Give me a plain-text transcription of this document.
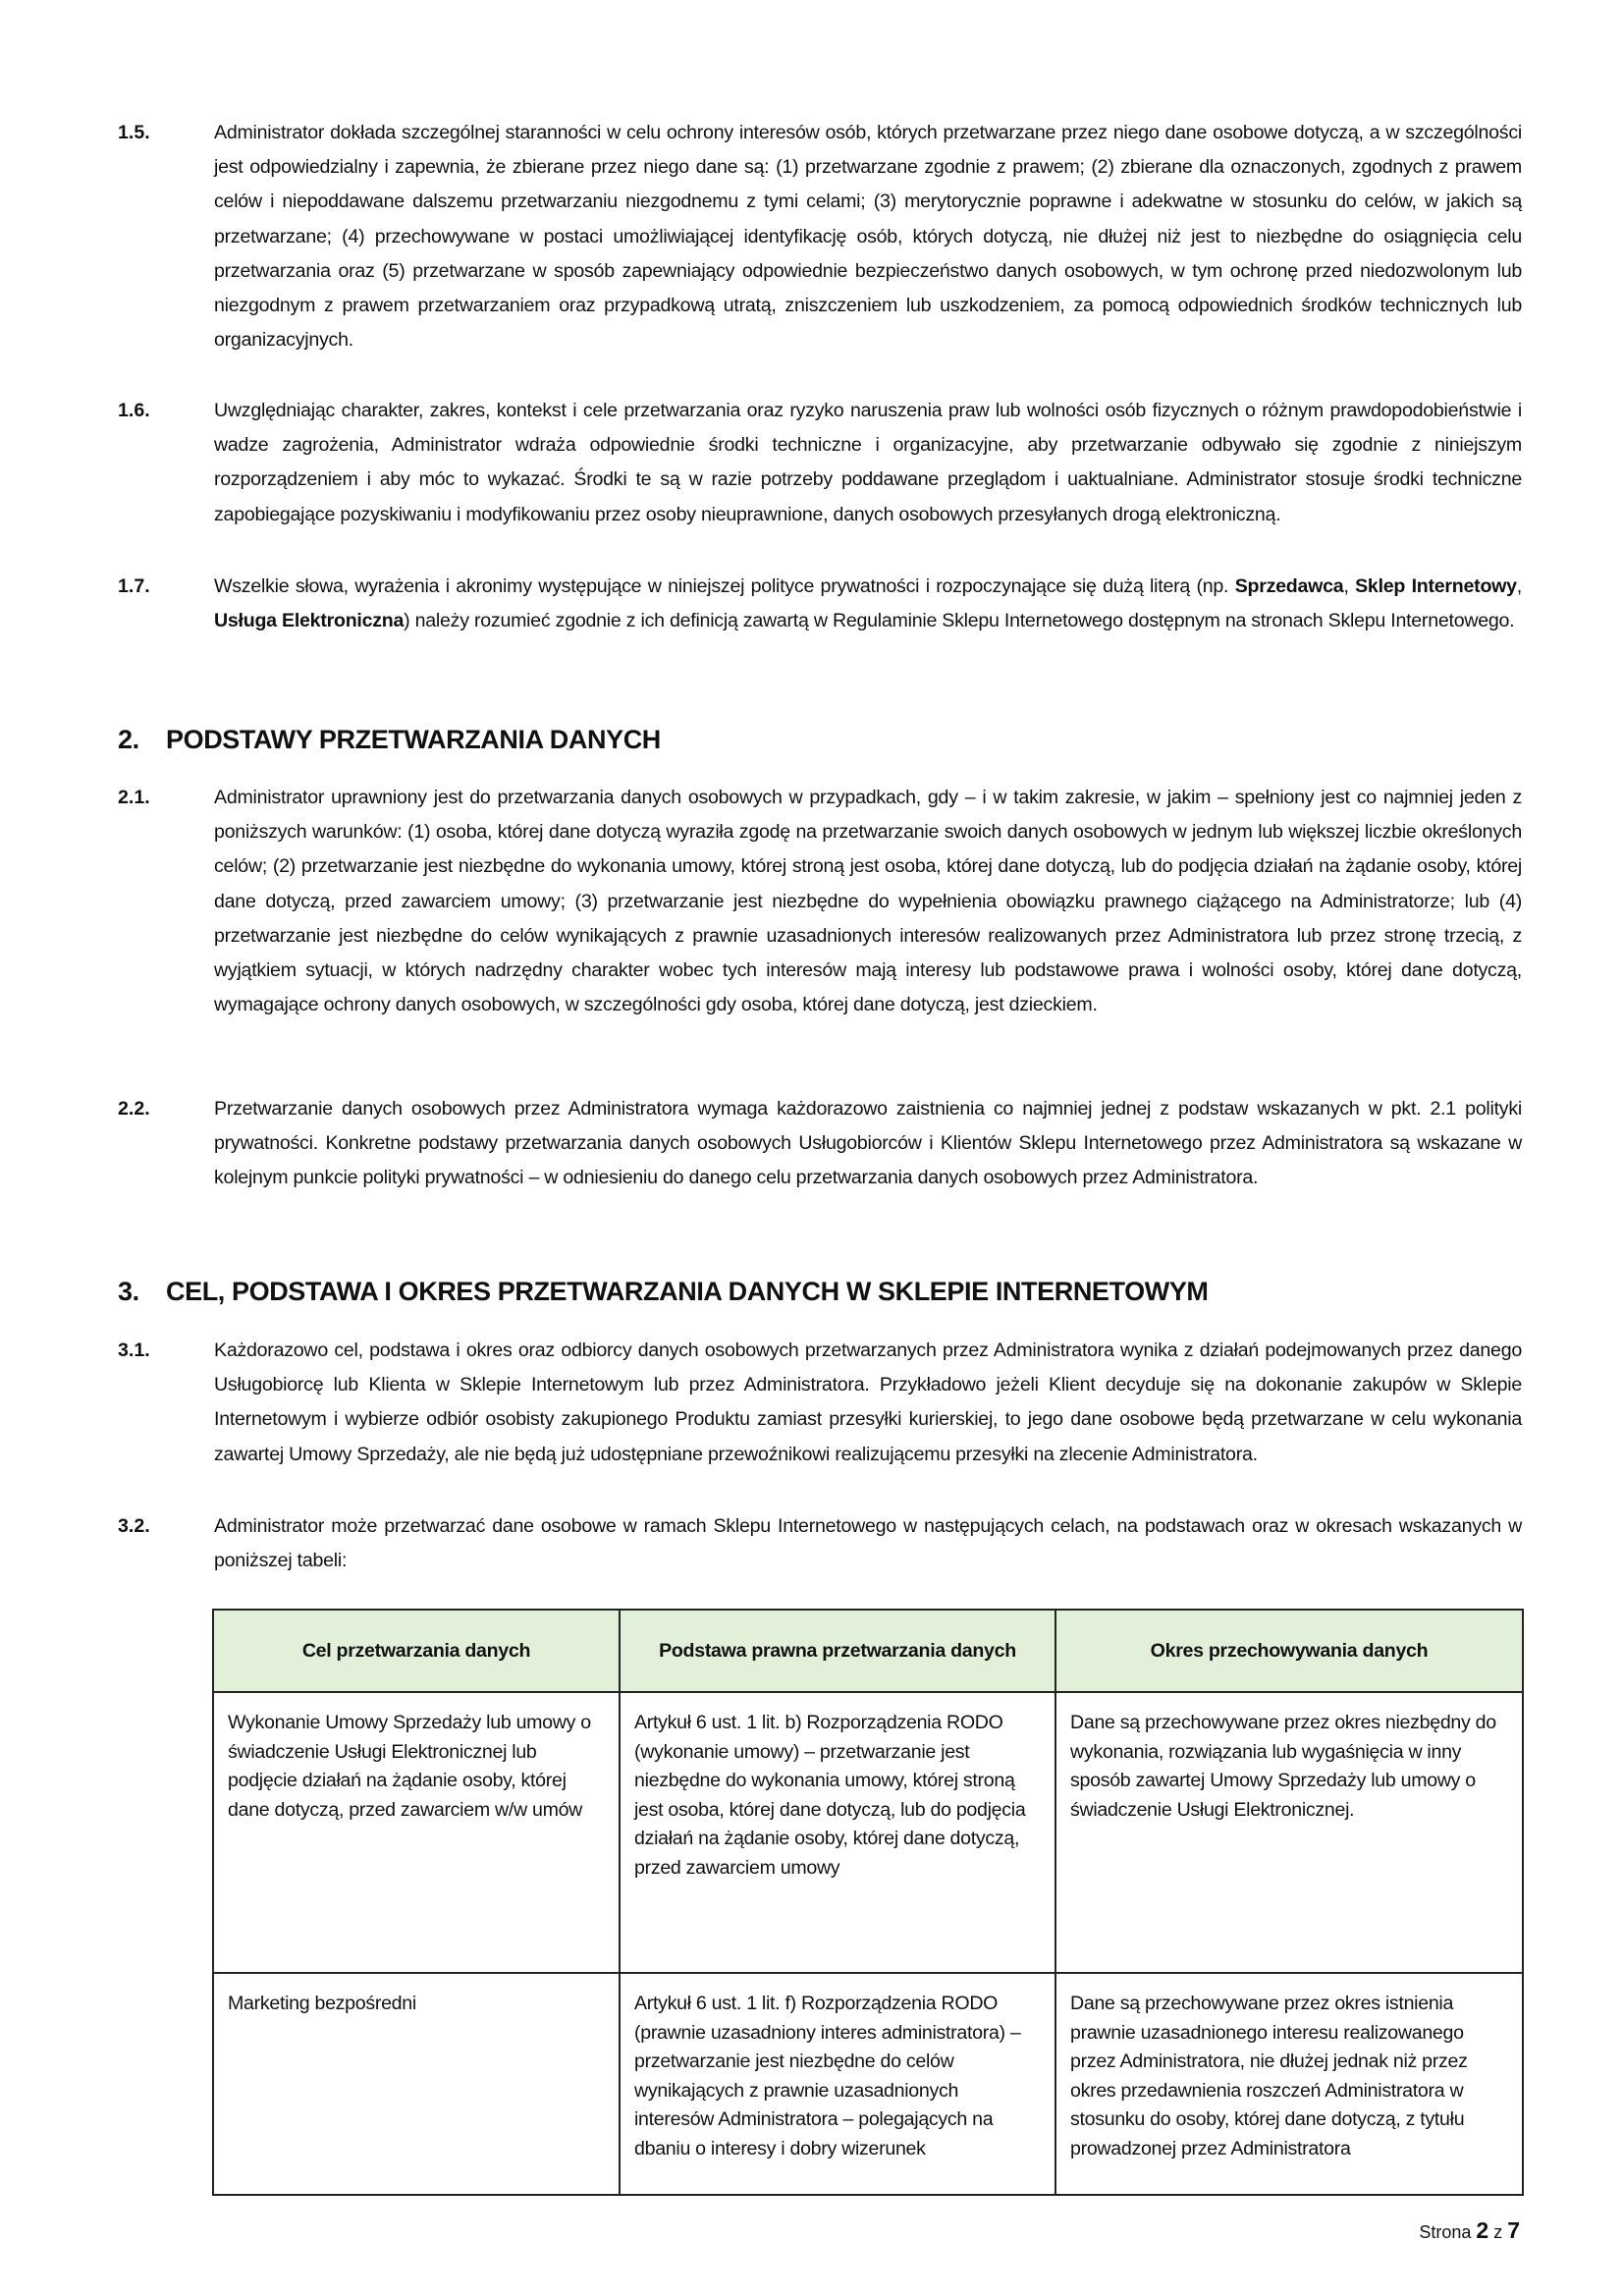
1.5.	Administrator dokłada szczególnej staranności w celu ochrony interesów osób, których przetwarzane przez niego dane osobowe dotyczą, a w szczególności jest odpowiedzialny i zapewnia, że zbierane przez niego dane są: (1) przetwarzane zgodnie z prawem; (2) zbierane dla oznaczonych, zgodnych z prawem celów i niepoddawane dalszemu przetwarzaniu niezgodnemu z tymi celami; (3) merytorycznie poprawne i adekwatne w stosunku do celów, w jakich są przetwarzane; (4) przechowywane w postaci umożliwiającej identyfikację osób, których dotyczą, nie dłużej niż jest to niezbędne do osiągnięcia celu przetwarzania oraz (5) przetwarzane w sposób zapewniający odpowiednie bezpieczeństwo danych osobowych, w tym ochronę przed niedozwolonym lub niezgodnym z prawem przetwarzaniem oraz przypadkową utratą, zniszczeniem lub uszkodzeniem, za pomocą odpowiednich środków technicznych lub organizacyjnych.
1.6.	Uwzględniając charakter, zakres, kontekst i cele przetwarzania oraz ryzyko naruszenia praw lub wolności osób fizycznych o różnym prawdopodobieństwie i wadze zagrożenia, Administrator wdraża odpowiednie środki techniczne i organizacyjne, aby przetwarzanie odbywało się zgodnie z niniejszym rozporządzeniem i aby móc to wykazać. Środki te są w razie potrzeby poddawane przeglądom i uaktualniane. Administrator stosuje środki techniczne zapobiegające pozyskiwaniu i modyfikowaniu przez osoby nieuprawnione, danych osobowych przesyłanych drogą elektroniczną.
1.7.	Wszelkie słowa, wyrażenia i akronimy występujące w niniejszej polityce prywatności i rozpoczynające się dużą literą (np. Sprzedawca, Sklep Internetowy, Usługa Elektroniczna) należy rozumieć zgodnie z ich definicją zawartą w Regulaminie Sklepu Internetowego dostępnym na stronach Sklepu Internetowego.
2. PODSTAWY PRZETWARZANIA DANYCH
2.1.	Administrator uprawniony jest do przetwarzania danych osobowych w przypadkach, gdy – i w takim zakresie, w jakim – spełniony jest co najmniej jeden z poniższych warunków: (1) osoba, której dane dotyczą wyraziła zgodę na przetwarzanie swoich danych osobowych w jednym lub większej liczbie określonych celów; (2) przetwarzanie jest niezbędne do wykonania umowy, której stroną jest osoba, której dane dotyczą, lub do podjęcia działań na żądanie osoby, której dane dotyczą, przed zawarciem umowy; (3) przetwarzanie jest niezbędne do wypełnienia obowiązku prawnego ciążącego na Administratorze; lub (4) przetwarzanie jest niezbędne do celów wynikających z prawnie uzasadnionych interesów realizowanych przez Administratora lub przez stronę trzecią, z wyjątkiem sytuacji, w których nadrzędny charakter wobec tych interesów mają interesy lub podstawowe prawa i wolności osoby, której dane dotyczą, wymagające ochrony danych osobowych, w szczególności gdy osoba, której dane dotyczą, jest dzieckiem.
2.2.	Przetwarzanie danych osobowych przez Administratora wymaga każdorazowo zaistnienia co najmniej jednej z podstaw wskazanych w pkt. 2.1 polityki prywatności. Konkretne podstawy przetwarzania danych osobowych Usługobiorców i Klientów Sklepu Internetowego przez Administratora są wskazane w kolejnym punkcie polityki prywatności – w odniesieniu do danego celu przetwarzania danych osobowych przez Administratora.
3. CEL, PODSTAWA I OKRES PRZETWARZANIA DANYCH W SKLEPIE INTERNETOWYM
3.1.	Każdorazowo cel, podstawa i okres oraz odbiorcy danych osobowych przetwarzanych przez Administratora wynika z działań podejmowanych przez danego Usługobiorcę lub Klienta w Sklepie Internetowym lub przez Administratora. Przykładowo jeżeli Klient decyduje się na dokonanie zakupów w Sklepie Internetowym i wybierze odbiór osobisty zakupionego Produktu zamiast przesyłki kurierskiej, to jego dane osobowe będą przetwarzane w celu wykonania zawartej Umowy Sprzedaży, ale nie będą już udostępniane przewoźnikowi realizującemu przesyłki na zlecenie Administratora.
3.2.	Administrator może przetwarzać dane osobowe w ramach Sklepu Internetowego w następujących celach, na podstawach oraz w okresach wskazanych w poniższej tabeli:
Cel przetwarzania danych	Podstawa prawna przetwarzania danych	Okres przechowywania danych
Wykonanie Umowy Sprzedaży lub umowy o świadczenie Usługi Elektronicznej lub podjęcie działań na żądanie osoby, której dane dotyczą, przed zawarciem w/w umów	Artykuł 6 ust. 1 lit. b) Rozporządzenia RODO (wykonanie umowy) – przetwarzanie jest niezbędne do wykonania umowy, której stroną jest osoba, której dane dotyczą, lub do podjęcia działań na żądanie osoby, której dane dotyczą, przed zawarciem umowy	Dane są przechowywane przez okres niezbędny do wykonania, rozwiązania lub wygaśnięcia w inny sposób zawartej Umowy Sprzedaży lub umowy o świadczenie Usługi Elektronicznej.
Marketing bezpośredni	Artykuł 6 ust. 1 lit. f) Rozporządzenia RODO (prawnie uzasadniony interes administratora) – przetwarzanie jest niezbędne do celów wynikających z prawnie uzasadnionych interesów Administratora – polegających na dbaniu o interesy i dobry wizerunek	Dane są przechowywane przez okres istnienia prawnie uzasadnionego interesu realizowanego przez Administratora, nie dłużej jednak niż przez okres przedawnienia roszczeń Administratora w stosunku do osoby, której dane dotyczą, z tytułu prowadzonej przez Administratora
Strona 2 z 7
